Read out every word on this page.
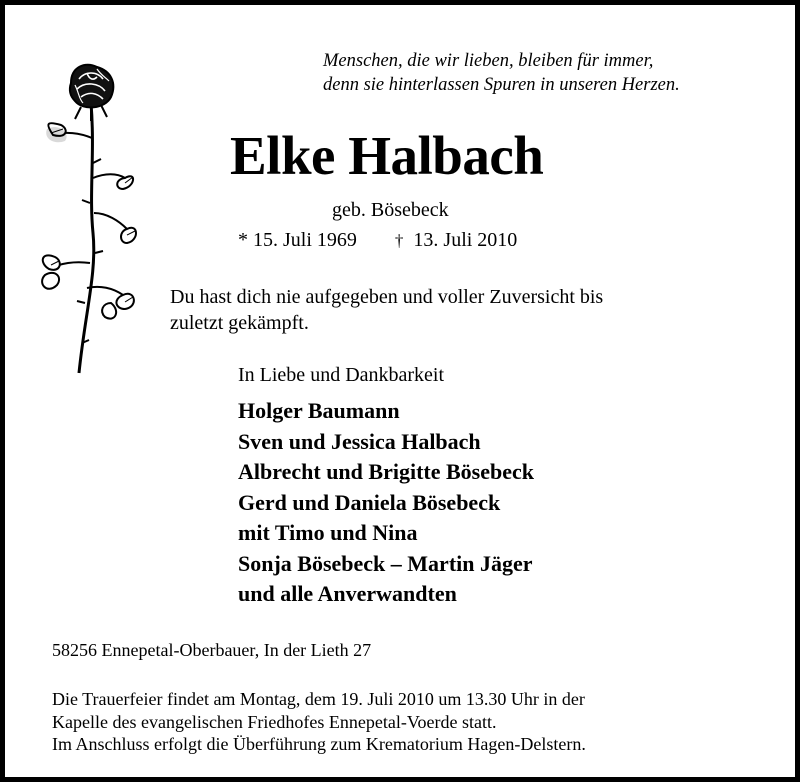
Menschen, die wir lieben, bleiben für immer,
denn sie hinterlassen Spuren in unseren Herzen.
Elke Halbach
geb. Bösebeck
* 15. Juli 1969 † 13. Juli 2010
Du hast dich nie aufgegeben und voller Zuversicht bis
zuletzt gekämpft.
In Liebe und Dankbarkeit
Holger Baumann
Sven und Jessica Halbach
Albrecht und Brigitte Bösebeck
Gerd und Daniela Bösebeck
mit Timo und Nina
Sonja Bösebeck – Martin Jäger
und alle Anverwandten
58256 Ennepetal-Oberbauer, In der Lieth 27
Die Trauerfeier findet am Montag, dem 19. Juli 2010 um 13.30 Uhr in der
Kapelle des evangelischen Friedhofes Ennepetal-Voerde statt.
Im Anschluss erfolgt die Überführung zum Krematorium Hagen-Delstern.
